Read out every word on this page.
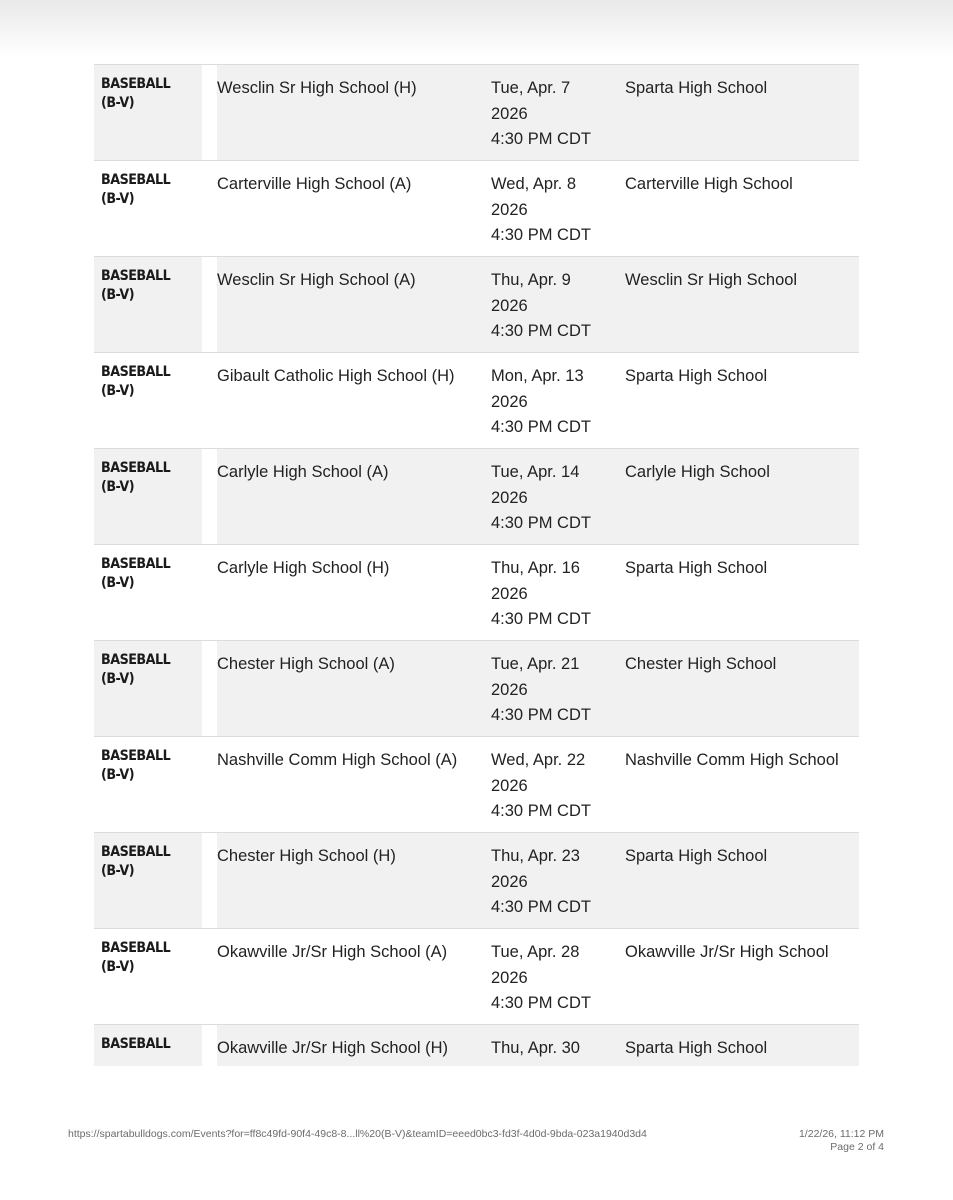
BASEBALL
(B-V)	Wesclin Sr High School (H)	Tue, Apr. 7
2026
4:30 PM CDT	Sparta High School

BASEBALL
(B-V)	Carterville High School (A)	Wed, Apr. 8
2026
4:30 PM CDT	Carterville High School

BASEBALL
(B-V)	Wesclin Sr High School (A)	Thu, Apr. 9
2026
4:30 PM CDT	Wesclin Sr High School

BASEBALL
(B-V)	Gibault Catholic High School (H)	Mon, Apr. 13
2026
4:30 PM CDT	Sparta High School

BASEBALL
(B-V)	Carlyle High School (A)	Tue, Apr. 14
2026
4:30 PM CDT	Carlyle High School

BASEBALL
(B-V)	Carlyle High School (H)	Thu, Apr. 16
2026
4:30 PM CDT	Sparta High School

BASEBALL
(B-V)	Chester High School (A)	Tue, Apr. 21
2026
4:30 PM CDT	Chester High School

BASEBALL
(B-V)	Nashville Comm High School (A)	Wed, Apr. 22
2026
4:30 PM CDT	Nashville Comm High School

BASEBALL
(B-V)	Chester High School (H)	Thu, Apr. 23
2026
4:30 PM CDT	Sparta High School

BASEBALL
(B-V)	Okawville Jr/Sr High School (A)	Tue, Apr. 28
2026
4:30 PM CDT	Okawville Jr/Sr High School

BASEBALL	Okawville Jr/Sr High School (H)	Thu, Apr. 30	Sparta High School
https://spartabulldogs.com/Events?for=ff8c49fd-90f4-49c8-8...ll%20(B-V)&teamID=eeed0bc3-fd3f-4d0d-9bda-023a1940d3d4	1/22/26, 11:12 PM
Page 2 of 4
